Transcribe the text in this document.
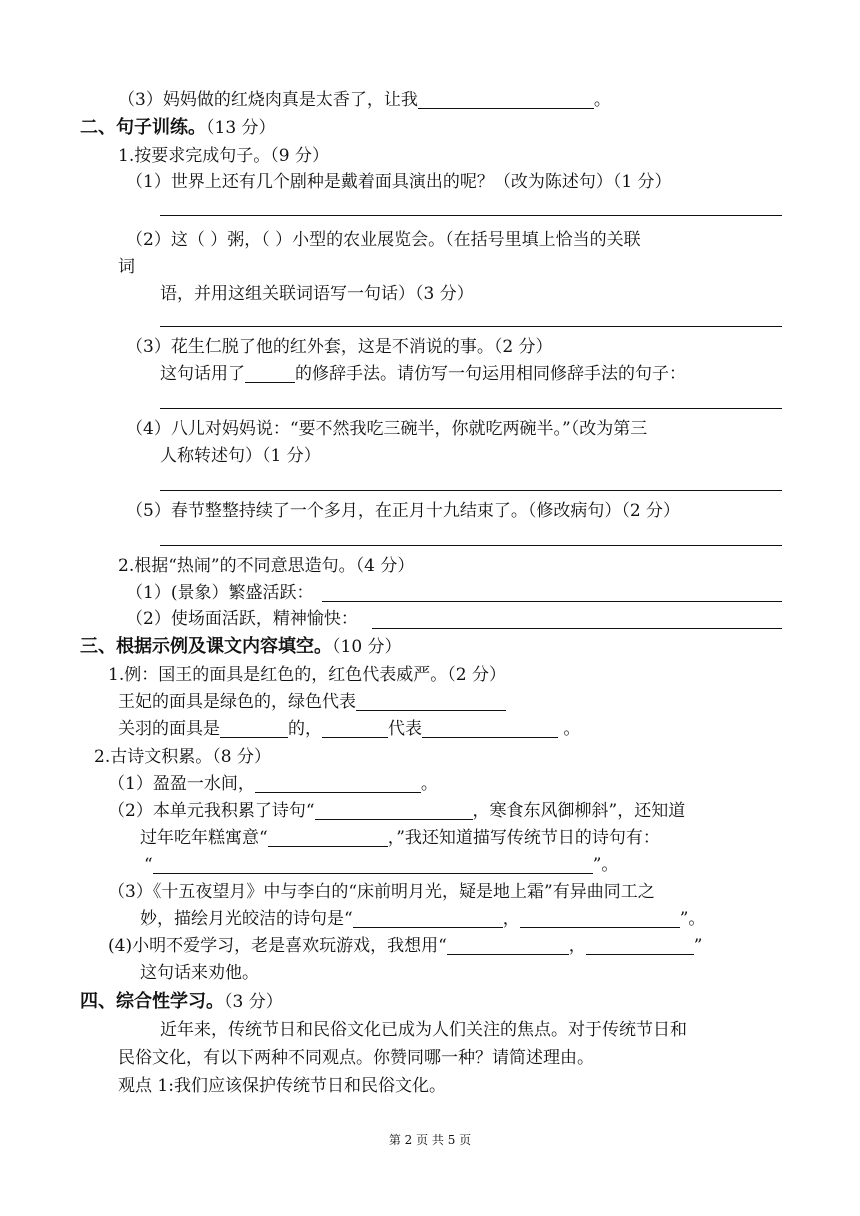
（3）妈妈做的红烧肉真是太香了，让我	。
二、句子训练。（13 分）
1.按要求完成句子。（9 分）
（1）世界上还有几个剧种是戴着面具演出的呢？（改为陈述句）（1 分）
（2）这（ ）粥，（ ）小型的农业展览会。（在括号里填上恰当的关联
词
语，并用这组关联词语写一句话）（3 分）
（3）花生仁脱了他的红外套，这是不消说的事。（2 分）
这句话用了	的修辞手法。请仿写一句运用相同修辞手法的句子：
（4）八儿对妈妈说：“要不然我吃三碗半，你就吃两碗半。”（改为第三
人称转述句）（1 分）
（5）春节整整持续了一个多月，在正月十九结束了。（修改病句）（2 分）
2.根据“热闹”的不同意思造句。（4 分）
（1）(景象）繁盛活跃：
（2）使场面活跃，精神愉快：
三、根据示例及课文内容填空。（10 分）
1.例：国王的面具是红色的，红色代表威严。（2 分）
王妃的面具是绿色的，绿色代表
关羽的面具是	的，	代表	。
2.古诗文积累。（8 分）
（1）盈盈一水间，	。
（2）本单元我积累了诗句“	，寒食东风御柳斜”，还知道
过年吃年糕寓意“	，”我还知道描写传统节日的诗句有：
“	”。
（3）《十五夜望月》中与李白的“床前明月光，疑是地上霜”有异曲同工之
妙，描绘月光皎洁的诗句是“	，	”。
(4)小明不爱学习，老是喜欢玩游戏，我想用“	，	”
这句话来劝他。
四、综合性学习。（3 分）
近年来，传统节日和民俗文化已成为人们关注的焦点。对于传统节日和
民俗文化，有以下两种不同观点。你赞同哪一种？请简述理由。
观点 1:我们应该保护传统节日和民俗文化。
第 2 页 共 5 页
